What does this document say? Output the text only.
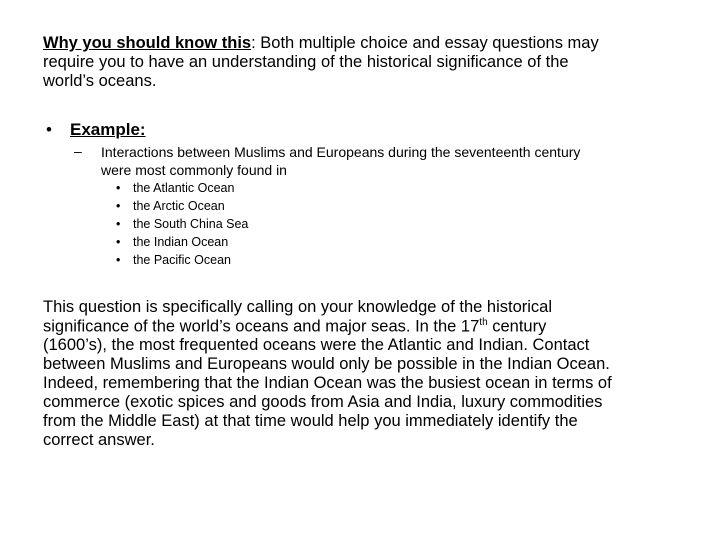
Why you should know this: Both multiple choice and essay questions may
require you to have an understanding of the historical significance of the
world’s oceans.
• Example:
– Interactions between Muslims and Europeans during the seventeenth century
were most commonly found in
• the Atlantic Ocean
• the Arctic Ocean
• the South China Sea
• the Indian Ocean
• the Pacific Ocean
This question is specifically calling on your knowledge of the historical
significance of the world’s oceans and major seas. In the 17th century
(1600’s), the most frequented oceans were the Atlantic and Indian. Contact
between Muslims and Europeans would only be possible in the Indian Ocean.
Indeed, remembering that the Indian Ocean was the busiest ocean in terms of
commerce (exotic spices and goods from Asia and India, luxury commodities
from the Middle East) at that time would help you immediately identify the
correct answer.
